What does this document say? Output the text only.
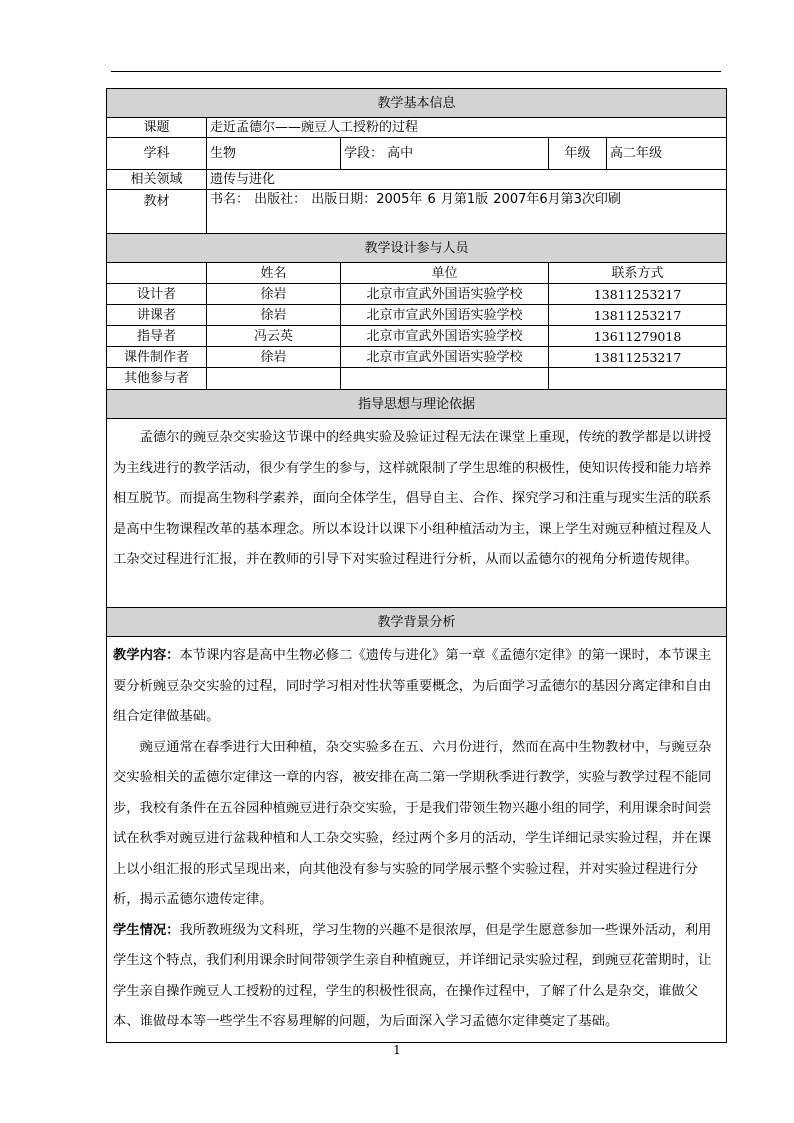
教学基本信息				
课题	走近孟德尔——豌豆人工授粉的过程			
学科	生物	学段： 高中	年级	高二年级
相关领域	遗传与进化			
教材	书名： 出版社： 出版日期：2005年 6 月第1版 2007年6月第3次印刷			
教学设计参与人员				
	姓名	单位	联系方式	
设计者	徐岩	北京市宣武外国语实验学校	13811253217	
讲课者	徐岩	北京市宣武外国语实验学校	13811253217	
指导者	冯云英	北京市宣武外国语实验学校	13611279018	
课件制作者	徐岩	北京市宣武外国语实验学校	13811253217	
其他参与者				
指导思想与理论依据				

孟德尔的豌豆杂交实验这节课中的经典实验及验证过程无法在课堂上重现，传统的教学都是以讲授为主线进行的教学活动，很少有学生的参与，这样就限制了学生思维的积极性，使知识传授和能力培养相互脱节。而提高生物科学素养，面向全体学生，倡导自主、合作、探究学习和注重与现实生活的联系是高中生物课程改革的基本理念。所以本设计以课下小组种植活动为主，课上学生对豌豆种植过程及人工杂交过程进行汇报，并在教师的引导下对实验过程进行分析，从而以孟德尔的视角分析遗传规律。				

教学背景分析				

教学内容：本节课内容是高中生物必修二《遗传与进化》第一章《孟德尔定律》的第一课时，本节课主要分析豌豆杂交实验的过程，同时学习相对性状等重要概念，为后面学习孟德尔的基因分离定律和自由组合定律做基础。

豌豆通常在春季进行大田种植，杂交实验多在五、六月份进行，然而在高中生物教材中，与豌豆杂交实验相关的孟德尔定律这一章的内容，被安排在高二第一学期秋季进行教学，实验与教学过程不能同步，我校有条件在五谷园种植豌豆进行杂交实验，于是我们带领生物兴趣小组的同学，利用课余时间尝试在秋季对豌豆进行盆栽种植和人工杂交实验，经过两个多月的活动，学生详细记录实验过程，并在课上以小组汇报的形式呈现出来，向其他没有参与实验的同学展示整个实验过程，并对实验过程进行分析，揭示孟德尔遗传定律。

学生情况：我所教班级为文科班，学习生物的兴趣不是很浓厚，但是学生愿意参加一些课外活动，利用学生这个特点，我们利用课余时间带领学生亲自种植豌豆，并详细记录实验过程，到豌豆花蕾期时，让学生亲自操作豌豆人工授粉的过程，学生的积极性很高，在操作过程中，了解了什么是杂交，谁做父本、谁做母本等一些学生不容易理解的问题，为后面深入学习孟德尔定律奠定了基础。				

1
